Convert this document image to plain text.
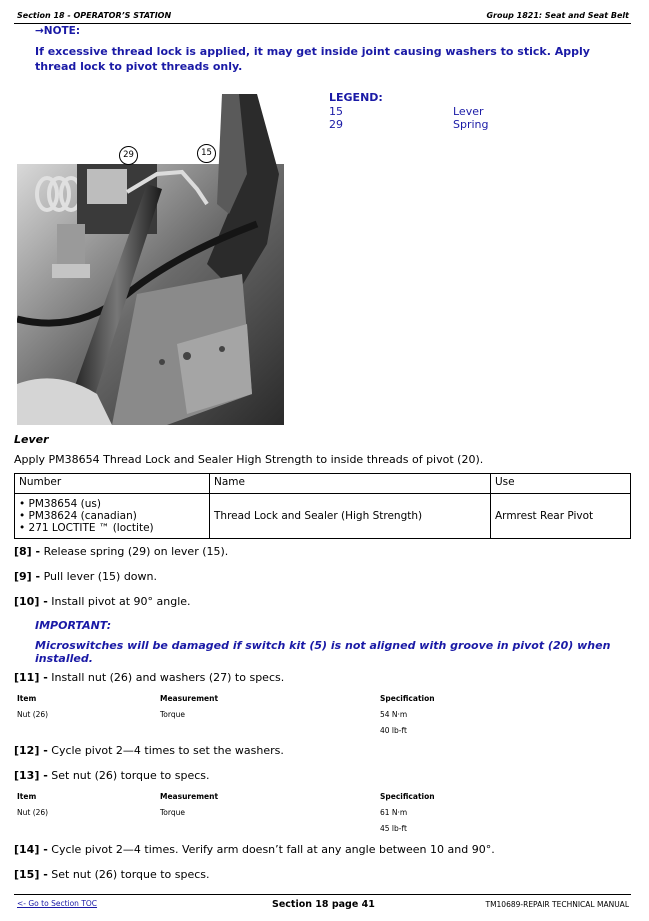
Section 18 - OPERATOR’S STATION	Group 1821: Seat and Seat Belt
→NOTE:
If excessive thread lock is applied, it may get inside joint causing washers to stick. Apply thread lock to pivot threads only.
29	15
LEGEND:
15	Lever
29	Spring
Lever
Apply PM38654 Thread Lock and Sealer High Strength to inside threads of pivot (20).
Number	Name	Use

• PM38654 (us)
• PM38624 (canadian)
• 271 LOCTITE ™ (loctite)	Thread Lock and Sealer (High Strength)	Armrest Rear Pivot
[8] - Release spring (29) on lever (15).
[9] - Pull lever (15) down.
[10] - Install pivot at 90° angle.
IMPORTANT:
Microswitches will be damaged if switch kit (5) is not aligned with groove in pivot (20) when installed.
[11] - Install nut (26) and washers (27) to specs.
Item	Measurement	Specification
Nut (26)	Torque	54 N·m
40 lb-ft
[12] - Cycle pivot 2—4 times to set the washers.
[13] - Set nut (26) torque to specs.
Item	Measurement	Specification
Nut (26)	Torque	61 N·m
45 lb-ft
[14] - Cycle pivot 2—4 times. Verify arm doesn’t fall at any angle between 10 and 90°.
[15] - Set nut (26) torque to specs.
<- Go to Section TOC	Section 18 page 41	TM10689-REPAIR TECHNICAL MANUAL
